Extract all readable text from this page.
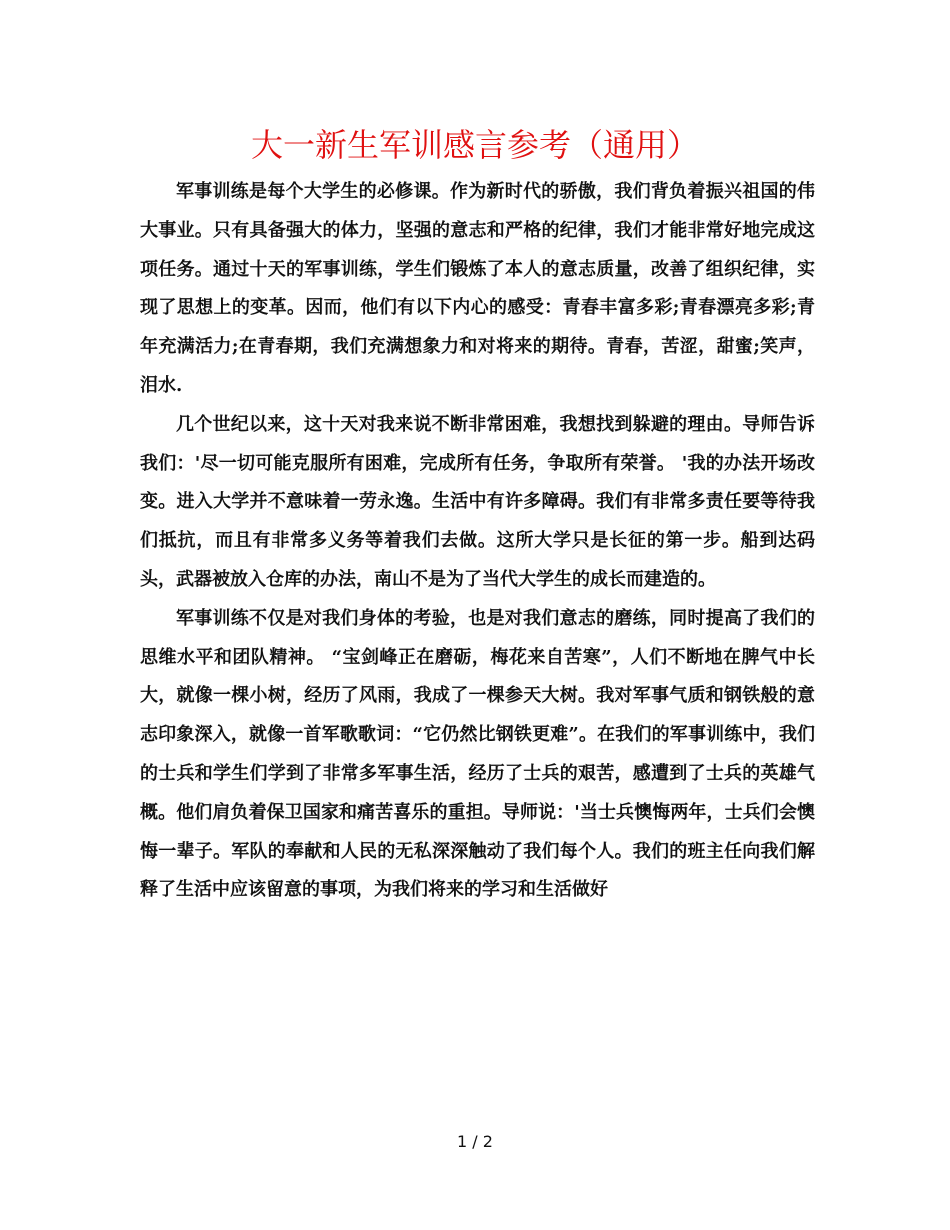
大一新生军训感言参考（通用）

军事训练是每个大学生的必修课。作为新时代的骄傲，我们背负着振兴祖国的伟大事业。只有具备强大的体力，坚强的意志和严格的纪律，我们才能非常好地完成这项任务。通过十天的军事训练，学生们锻炼了本人的意志质量，改善了组织纪律，实现了思想上的变革。因而，他们有以下内心的感受：青春丰富多彩;青春漂亮多彩;青年充满活力;在青春期，我们充满想象力和对将来的期待。青春，苦涩，甜蜜;笑声，泪水.

几个世纪以来，这十天对我来说不断非常困难，我想找到躲避的理由。导师告诉我们：'尽一切可能克服所有困难，完成所有任务，争取所有荣誉。 '我的办法开场改变。进入大学并不意味着一劳永逸。生活中有许多障碍。我们有非常多责任要等待我们抵抗，而且有非常多义务等着我们去做。这所大学只是长征的第一步。船到达码头，武器被放入仓库的办法，南山不是为了当代大学生的成长而建造的。

军事训练不仅是对我们身体的考验，也是对我们意志的磨练，同时提高了我们的思维水平和团队精神。 “宝剑峰正在磨砺，梅花来自苦寒”，人们不断地在脾气中长大，就像一棵小树，经历了风雨，我成了一棵参天大树。我对军事气质和钢铁般的意志印象深入，就像一首军歌歌词：“它仍然比钢铁更难”。在我们的军事训练中，我们的士兵和学生们学到了非常多军事生活，经历了士兵的艰苦，感遭到了士兵的英雄气概。他们肩负着保卫国家和痛苦喜乐的重担。导师说：'当士兵懊悔两年，士兵们会懊悔一辈子。军队的奉献和人民的无私深深触动了我们每个人。我们的班主任向我们解释了生活中应该留意的事项，为我们将来的学习和生活做好

1 / 2
